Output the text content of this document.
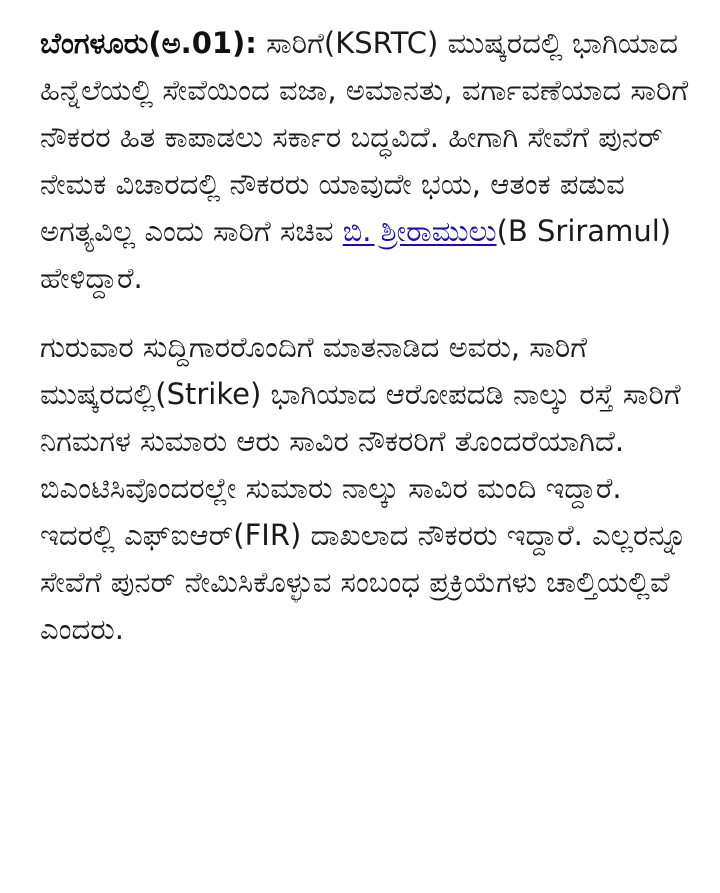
ಬೆಂಗಳೂರು(ಅ.01): ಸಾರಿಗೆ(KSRTC) ಮುಷ್ಕರದಲ್ಲಿ ಭಾಗಿಯಾದ ಹಿನ್ನೆಲೆಯಲ್ಲಿ ಸೇವೆಯಿಂದ ವಜಾ, ಅಮಾನತು, ವರ್ಗಾವಣೆಯಾದ ಸಾರಿಗೆ ನೌಕರರ ಹಿತ ಕಾಪಾಡಲು ಸರ್ಕಾರ ಬದ್ಧವಿದೆ. ಹೀಗಾಗಿ ಸೇವೆಗೆ ಪುನರ್ ನೇಮಕ ವಿಚಾರದಲ್ಲಿ ನೌಕರರು ಯಾವುದೇ ಭಯ, ಆತಂಕ ಪಡುವ ಅಗತ್ಯವಿಲ್ಲ ಎಂದು ಸಾರಿಗೆ ಸಚಿವ ಬಿ. ಶ್ರೀರಾಮುಲು(B Sriramul) ಹೇಳಿದ್ದಾರೆ.

ಗುರುವಾರ ಸುದ್ದಿಗಾರರೊಂದಿಗೆ ಮಾತನಾಡಿದ ಅವರು, ಸಾರಿಗೆ ಮುಷ್ಕರದಲ್ಲಿ(Strike) ಭಾಗಿಯಾದ ಆರೋಪದಡಿ ನಾಲ್ಕು ರಸ್ತೆ ಸಾರಿಗೆ ನಿಗಮಗಳ ಸುಮಾರು ಆರು ಸಾವಿರ ನೌಕರರಿಗೆ ತೊಂದರೆಯಾಗಿದೆ. ಬಿಎಂಟಿಸಿವೊಂದರಲ್ಲೇ ಸುಮಾರು ನಾಲ್ಕು ಸಾವಿರ ಮಂದಿ ಇದ್ದಾರೆ. ಇದರಲ್ಲಿ ಎಫ್‌ಐಆರ್(FIR) ದಾಖಲಾದ ನೌಕರರು ಇದ್ದಾರೆ. ಎಲ್ಲರನ್ನೂ ಸೇವೆಗೆ ಪುನರ್ ನೇಮಿಸಿಕೊಳ್ಳುವ ಸಂಬಂಧ ಪ್ರಕ್ರಿಯೆಗಳು ಚಾಲ್ತಿಯಲ್ಲಿವೆ ಎಂದರು.
